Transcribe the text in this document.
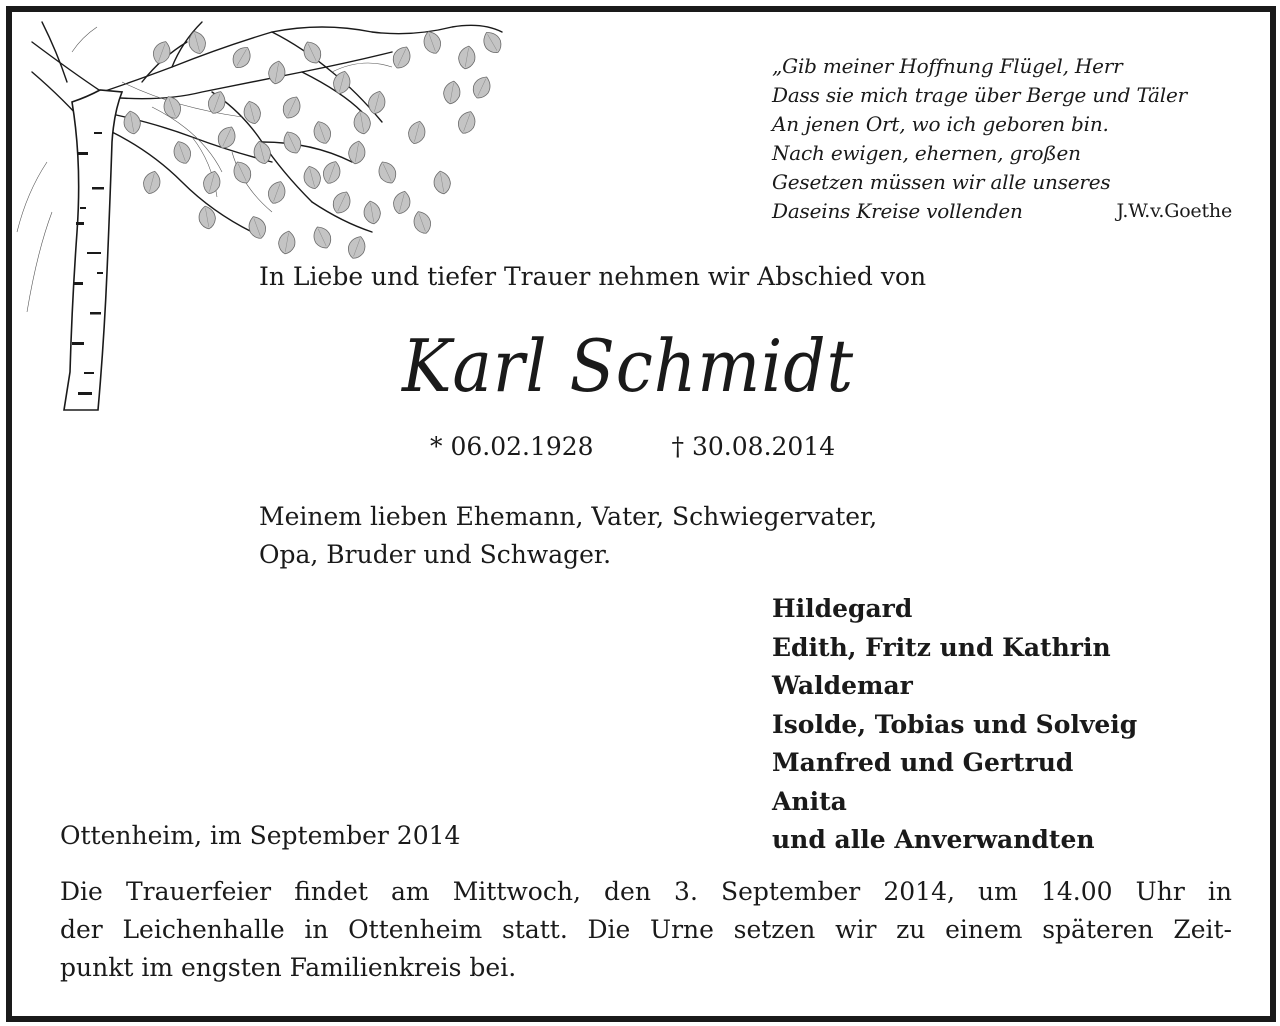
„Gib meiner Hoffnung Flügel, Herr
Dass sie mich trage über Berge und Täler
An jenen Ort, wo ich geboren bin.
Nach ewigen, ehernen, großen
Gesetzen müssen wir alle unseres
Daseins Kreise vollenden	J.W.v.Goethe
In Liebe und tiefer Trauer nehmen wir Abschied von
Karl Schmidt
* 06.02.1928	† 30.08.2014
Meinem lieben Ehemann, Vater, Schwiegervater,
Opa, Bruder und Schwager.
Hildegard
Edith, Fritz und Kathrin
Waldemar
Isolde, Tobias und Solveig
Manfred und Gertrud
Anita
und alle Anverwandten
Ottenheim, im September 2014
Die Trauerfeier findet am Mittwoch, den 3. September 2014, um 14.00 Uhr in
der Leichenhalle in Ottenheim statt. Die Urne setzen wir zu einem späteren Zeit-
punkt im engsten Familienkreis bei.
